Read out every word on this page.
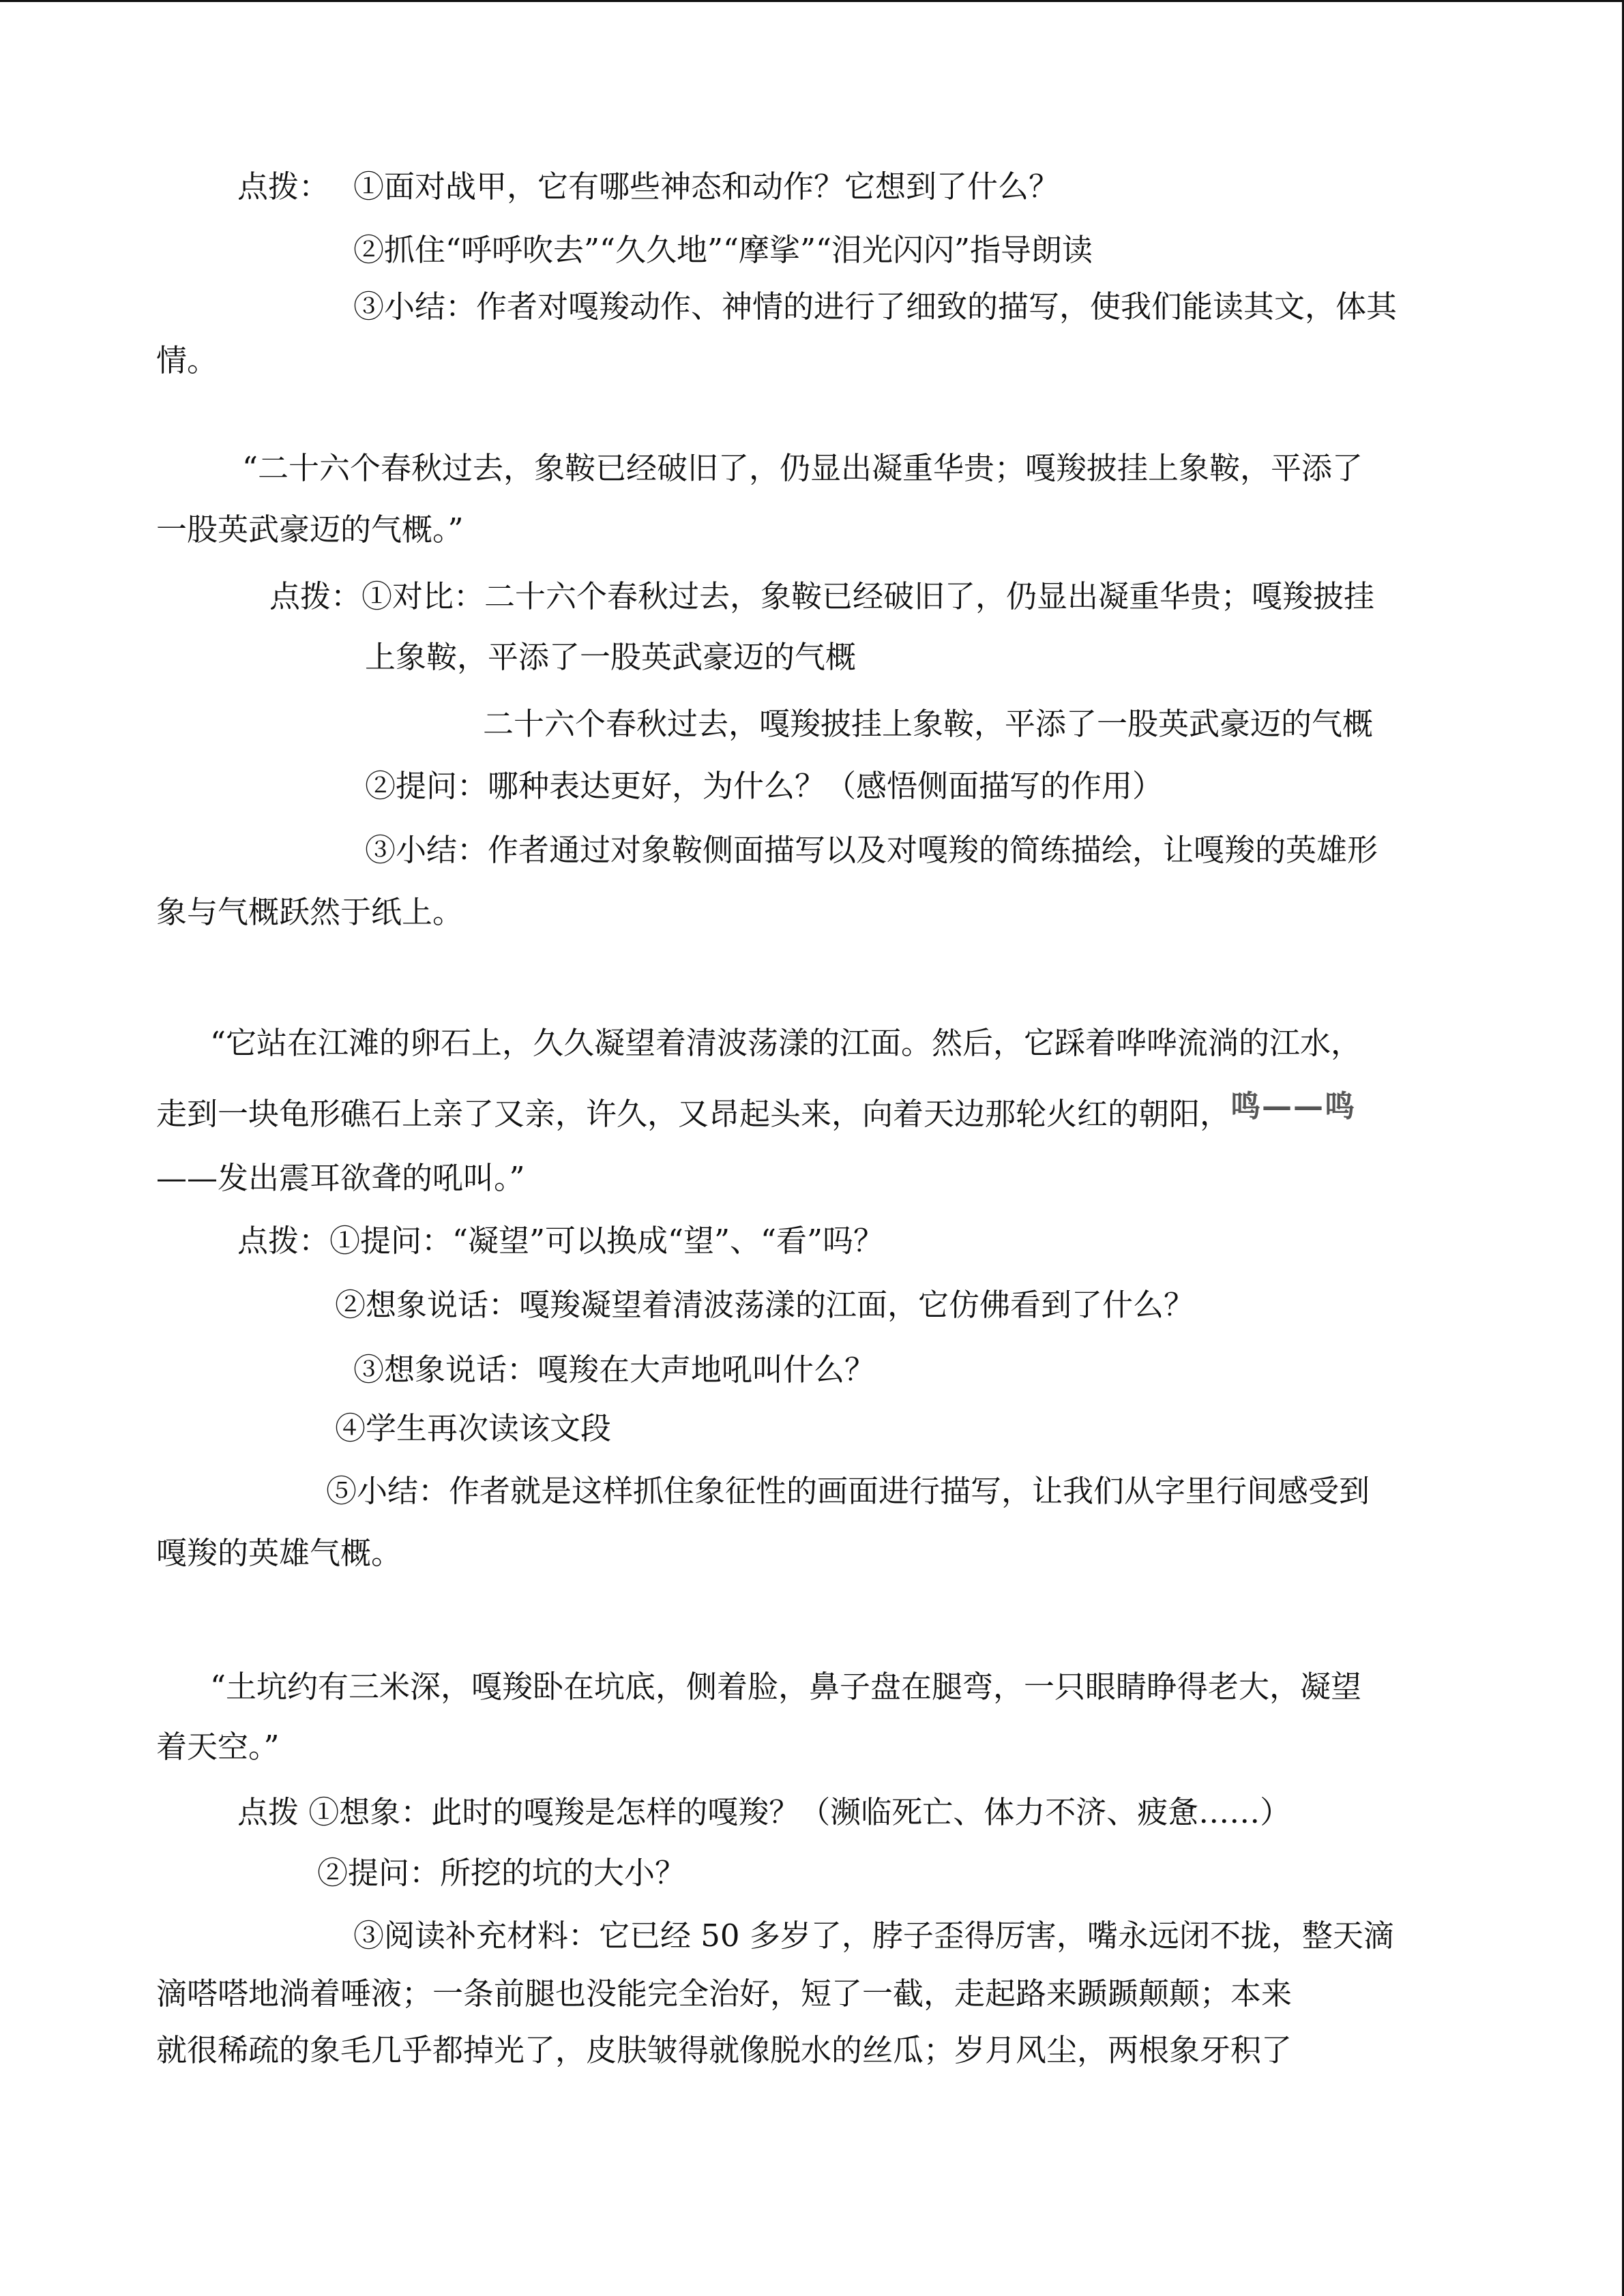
点拨： ①面对战甲，它有哪些神态和动作？它想到了什么？
②抓住“呼呼吹去”“久久地”“摩挲”“泪光闪闪”指导朗读
③小结：作者对嘎羧动作、神情的进行了细致的描写，使我们能读其文，体其
情。
“二十六个春秋过去，象鞍已经破旧了，仍显出凝重华贵；嘎羧披挂上象鞍，平添了
一股英武豪迈的气概。”
点拨：①对比：二十六个春秋过去，象鞍已经破旧了，仍显出凝重华贵；嘎羧披挂
上象鞍，平添了一股英武豪迈的气概
二十六个春秋过去，嘎羧披挂上象鞍，平添了一股英武豪迈的气概
②提问：哪种表达更好，为什么？（感悟侧面描写的作用）
③小结：作者通过对象鞍侧面描写以及对嘎羧的简练描绘，让嘎羧的英雄形
象与气概跃然于纸上。
“它站在江滩的卵石上，久久凝望着清波荡漾的江面。然后，它踩着哗哗流淌的江水，
走到一块龟形礁石上亲了又亲，许久，又昂起头来，向着天边那轮火红的朝阳，鸣——鸣
——发出震耳欲聋的吼叫。”
点拨：①提问：“凝望”可以换成“望”、“看”吗？
②想象说话：嘎羧凝望着清波荡漾的江面，它仿佛看到了什么？
③想象说话：嘎羧在大声地吼叫什么？
④学生再次读该文段
⑤小结：作者就是这样抓住象征性的画面进行描写，让我们从字里行间感受到
嘎羧的英雄气概。
“土坑约有三米深，嘎羧卧在坑底，侧着脸，鼻子盘在腿弯，一只眼睛睁得老大，凝望
着天空。”
点拨 ①想象：此时的嘎羧是怎样的嘎羧？（濒临死亡、体力不济、疲惫……）
②提问：所挖的坑的大小？
③阅读补充材料：它已经 50 多岁了，脖子歪得厉害，嘴永远闭不拢，整天滴
滴嗒嗒地淌着唾液；一条前腿也没能完全治好，短了一截，走起路来踬踬颠颠；本来
就很稀疏的象毛几乎都掉光了，皮肤皱得就像脱水的丝瓜；岁月风尘，两根象牙积了
